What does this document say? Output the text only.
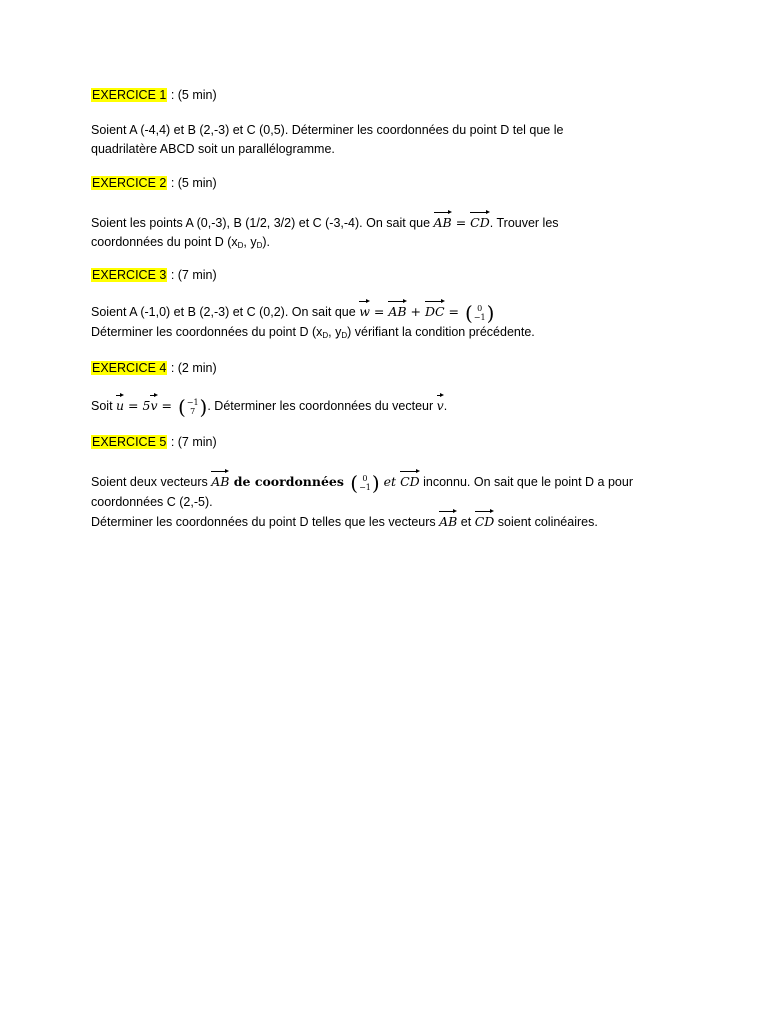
EXERCICE 1 : (5 min)
Soient A (-4,4) et B (2,-3) et C (0,5). Déterminer les coordonnées du point D tel que le
quadrilatère ABCD soit un parallélogramme.
EXERCICE 2 : (5 min)
Soient les points A (0,-3), B (1/2, 3/2) et C (-3,-4). On sait que
AB =
CD. Trouver les
coordonnées du point D ($x_D$, $y_D$).
EXERCICE 3 : (7 min)
Soient A (-1,0) et B (2,-3) et C (0,2). On sait que
w =
AB +
DC = ( 0
−1 )
Déterminer les coordonnées du point D ($x_D$, $y_D$) vérifiant la condition précédente.
EXERCICE 4 : (2 min)
Soit
u = 5
v = ( −1
7 ) . Déterminer les coordonnées du vecteur
v.
EXERCICE 5 : (7 min)
Soient deux vecteurs
AB de coordonnées ( 0
−1 ) et
CD inconnu. On sait que le point D a pour
coordonnées C (2,-5).
Déterminer les coordonnées du point D telles que les vecteurs
AB et
CD soient colinéaires.
